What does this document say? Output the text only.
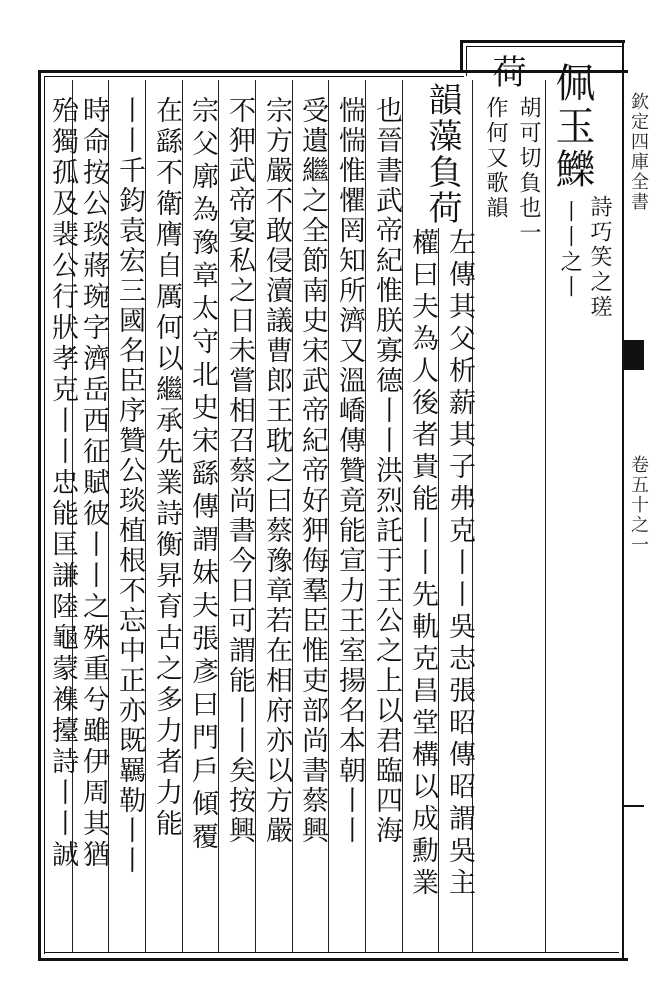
欽定四庫全書
卷五十之一
佩玉鱳
詩巧笑之瑳
丨丨之丨
荷
胡可切負也一
作何又歌韻
韻藻負荷
左傳其父析薪其子弗克丨丨吳志張昭傳昭謂吳主
權曰夫為人後者貴能丨丨先軌克昌堂構以成勳業
也晉書武帝紀惟朕寡德丨丨洪烈託于王公之上以君臨四海
惴惴惟懼罔知所濟又溫嶠傳贊竟能宣力王室揚名本朝丨丨
受遺繼之全節南史宋武帝紀帝好狎侮羣臣惟吏部尚書蔡興
宗方嚴不敢侵瀆議曹郎王耽之曰蔡豫章若在相府亦以方嚴
不狎武帝宴私之日未嘗相召蔡尚書今日可謂能丨丨矣按興
宗父廓為豫章太守北史宋繇傳謂妹夫張彥曰門戶傾覆
在繇不衛膺自厲何以繼承先業詩衡昇育古之多力者力能
丨丨千鈞袁宏三國名臣序贊公琰植根不忘中正亦既羈勒丨丨
時命按公琰蔣琬字濟岳西征賦彼丨丨之殊重兮雖伊周其猶
殆獨孤及裴公行狀孝克丨丨忠能匡謙陸龜蒙襍擡詩丨丨誠
